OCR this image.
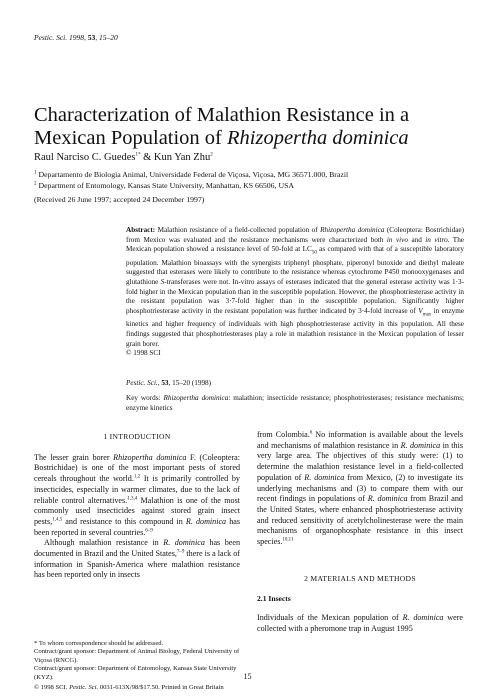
Pestic. Sci. 1998, 53, 15–20
Characterization of Malathion Resistance in a Mexican Population of Rhizopertha dominica
Raul Narciso C. Guedes$^{1*}$ & Kun Yan Zhu$^2$
$^1$ Departamento de Biologia Animal, Universidade Federal de Viçosa, Viçosa, MG 36571.000, Brazil
$^2$ Department of Entomology, Kansas State University, Manhattan, KS 66506, USA
(Received 26 June 1997; accepted 24 December 1997)
Abstract: Malathion resistance of a field-collected population of Rhizopertha dominica (Coleoptera: Bostrichidae) from Mexico was evaluated and the resistance mechanisms were characterized both in vivo and in vitro. The Mexican population showed a resistance level of 50-fold at $LC_{50}$ as compared with that of a susceptible laboratory population. Malathion bioassays with the synergists triphenyl phosphate, piperonyl butoxide and diethyl maleate suggested that esterases were likely to contribute to the resistance whereas cytochrome P450 monooxygenases and glutathione S-transferases were not. In-vitro assays of esterases indicated that the general esterase activity was 1·3-fold higher in the Mexican population than in the susceptible population. However, the phosphotriesterase activity in the resistant population was 3·7-fold higher than in the susceptible population. Significantly higher phosphotriesterase activity in the resistant population was further indicated by 3·4-fold increase of $V_{max}$ in enzyme kinetics and higher frequency of individuals with high phosphotriesterase activity in this population. All these findings suggested that phosphotriesterases play a role in malathion resistance in the Mexican population of lesser grain borer.
© 1998 SCI
Pestic. Sci., 53, 15–20 (1998)
Key words: Rhizopertha dominica: malathion; insecticide resistance; phosphotriesterases; resistance mechanisms; enzyme kinetics
1 INTRODUCTION

The lesser grain borer Rhizopertha dominica F. (Coleoptera: Bostrichidae) is one of the most important pests of stored cereals throughout the world.$^{1,2}$ It is primarily controlled by insecticides, especially in warmer climates, due to the lack of reliable control alternatives.$^{1,3,4}$ Malathion is one of the most commonly used insecticides against stored grain insect pests,$^{1,4,5}$ and resistance to this compound in R. dominica has been reported in several countries.$^{6-9}$

Although malathion resistance in R. dominica has been documented in Brazil and the United States,$^{7-9}$ there is a lack of information in Spanish-America where malathion resistance has been reported only in insects

from Colombia.$^6$ No information is available about the levels and mechanisms of malathion resistance in R. dominica in this very large area. The objectives of this study were: (1) to determine the malathion resistance level in a field-collected population of R. dominica from Mexico, (2) to investigate its underlying mechanisms and (3) to compare them with our recent findings in populations of R. dominica from Brazil and the United States, where enhanced phosphotriesterase activity and reduced sensitivity of acetylcholinesterase were the main mechanisms of organophosphate resistance in this insect species.$^{10,11}$

2 MATERIALS AND METHODS
2.1 Insects

Individuals of the Mexican population of R. dominica were collected with a pheromone trap in August 1995

* To whom correspondence should be addressed.
Contract/grant sponsor: Department of Animal Biology, Federal University of Viçosa (RNCG).
Contract/grant sponsor: Department of Entomology, Kansas State University (KYZ).	15
© 1998 SCI. Pestic. Sci. 0031-613X/98/$17.50. Printed in Great Britain
